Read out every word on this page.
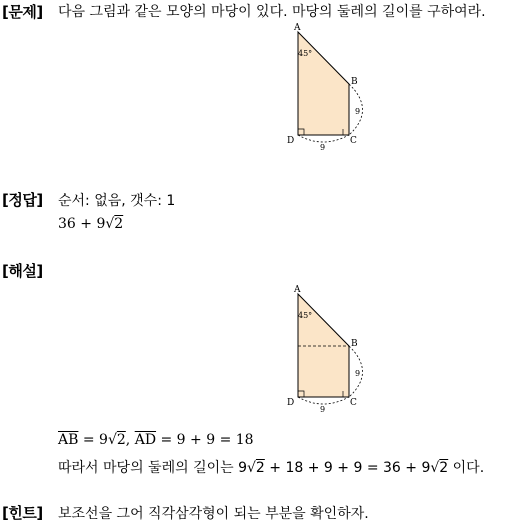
[문제] 다음 그림과 같은 모양의 마당이 있다. 마당의 둘레의 길이를 구하여라.
A
B
C
D
45°
9
9
[정답] 순서: 없음, 갯수: 1
36 + 9√2
[해설]
A
B
C
D
45°
9
9
$\overline{AB} = 9√2$, $\overline{AD} = 9 + 9 = 18$
따라서 마당의 둘레의 길이는 9√2 + 18 + 9 + 9 = 36 + 9√2 이다.
[힌트] 보조선을 그어 직각삼각형이 되는 부분을 확인하자.
